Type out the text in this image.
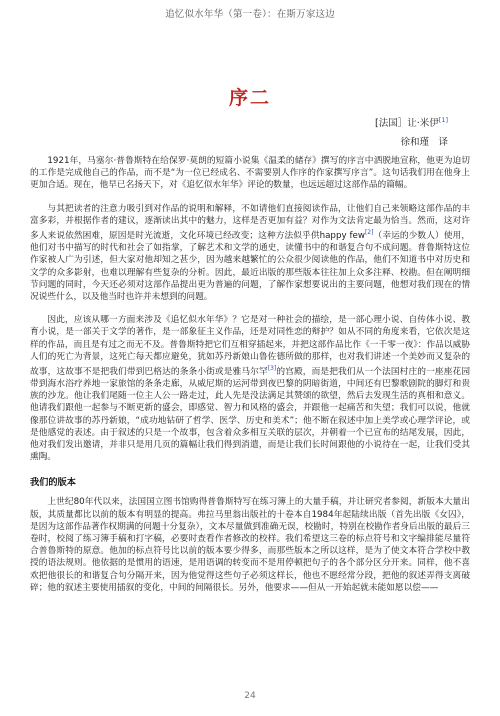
追忆似水年华（第一卷）：在斯万家这边
序二
[法国］让·米伊[1]
徐和瑾　译

1921年，马塞尔·普鲁斯特在给保罗·莫朗的短篇小说集《温柔的储存》撰写的序言中洒脱地宣称，他更为迫切的工作是完成他自己的作品，而不是“为一位已经成名、不需要别人作序的作家撰写序言”。这句话我们用在他身上更加合适。现在，他早已名扬天下，对《追忆似水年华》评论的数量，也远远超过这部作品的篇幅。

与其把读者的注意力吸引到对作品的说明和解释，不如请他们直接阅读作品，让他们自己来领略这部作品的丰富多彩，并根据作者的建议，逐渐读出其中的魅力，这样是否更加有益？对作为文法肯定最为恰当。然而，这对许多人来说依然困难，原因是时光流逝，文化环境已经改变；这种方法似乎供happy few[2]（幸运的少数人）使用，他们对书中描写的时代和社会了如指掌，了解艺术和文学的通史，读懂书中的和谐复合句不成问题。普鲁斯特这位作家被人广为引述，但大家对他却知之甚少，因为越来越繁忙的公众很少阅读他的作品，他们不知道书中对历史和文学的众多影射，也难以理解有些复杂的分析。因此，最近出版的那些版本往往加上众多注释、校勘。但在阐明细节问题的同时，今天还必须对这部作品提出更为普遍的问题，了解作家想要说出的主要问题，他想对我们现在的情况说些什么，以及他当时也许并未想到的问题。

因此，应该从哪一方面来涉及《追忆似水年华》？它是对一种社会的描绘，是一部心理小说、自传体小说、教育小说，是一部关于文学的著作，是一部象征主义作品，还是对同性恋的辩护？如从不同的角度来看，它依次是这样的作品，而且是有过之而无不及。普鲁斯特把它们互相穿插起来，并把这部作品比作《一千零一夜》：作品以威胁人们的死亡为背景，这死亡每天都应避免，犹如苏丹新娘山鲁佐德所做的那样，也对我们讲述一个美妙而又复杂的故事，这故事不是把我们带到巴格达的条条小街或是雅马尔罕[3]的宫殿，而是把我们从一个法国村庄的一座座花园带到海水浴疗养地一家旅馆的条条走廊，从威尼斯的运河带到夜巴黎的阴暗街道，中间还有巴黎歌剧院的脚灯和贵族的沙龙。他让我们尾随一位主人公一路走过，此人先是没法满足其赞颂的欲望，然后去发现生活的真相和意义。他请我们跟他一起参与不断更新的盛会，即感觉、智力和风格的盛会，并跟他一起痛苦和失望；我们可以说，他就像那位讲故事的苏丹新娘，“成功地钻研了哲学、医学、历史和美术”；他不断在叙述中加上美学或心理学评论，或是他感觉的表述。由于叙述的只是一个故事，包含着众多相互关联的层次，并朝着一个已宣布的结尾发展，因此，他对我们发出邀请，并非只是用几页的篇幅让我们得到消遣，而是让我们长时间跟他的小说待在一起，让我们受其熏陶。

我们的版本

上世纪80年代以来，法国国立图书馆购得普鲁斯特写在练习簿上的大量手稿，并让研究者参阅，新版本大量出版，其质量都比以前的版本有明显的提高。弗拉马里翁出版社的十卷本自1984年起陆续出版（首先出版《女囚》，是因为这部作品著作权期满的问题十分复杂），文本尽量做到准确无误，校勘时，特别在校勘作者身后出版的最后三卷时，校阅了练习簿手稿和打字稿，必要时查看作者修改的校样。我们希望这三卷的标点符号和文字编排能尽量符合普鲁斯特的原意。他加的标点符号比以前的版本要少得多，而那些版本之所以这样，是为了使文本符合学校中教授的语法规则。他依据的是惯用的语速，是用语调的转变而不是用停顿把句子的各个部分区分开来。同样，他不喜欢把他很长的和谐复合句分隔开来，因为他觉得这些句子必须这样长，他也不愿经常分段，把他的叙述弄得支离破碎；他的叙述主要使用插叙的变化，中间的间隔很长。另外，他要求——但从一开始起就未能如愿以偿——

24
